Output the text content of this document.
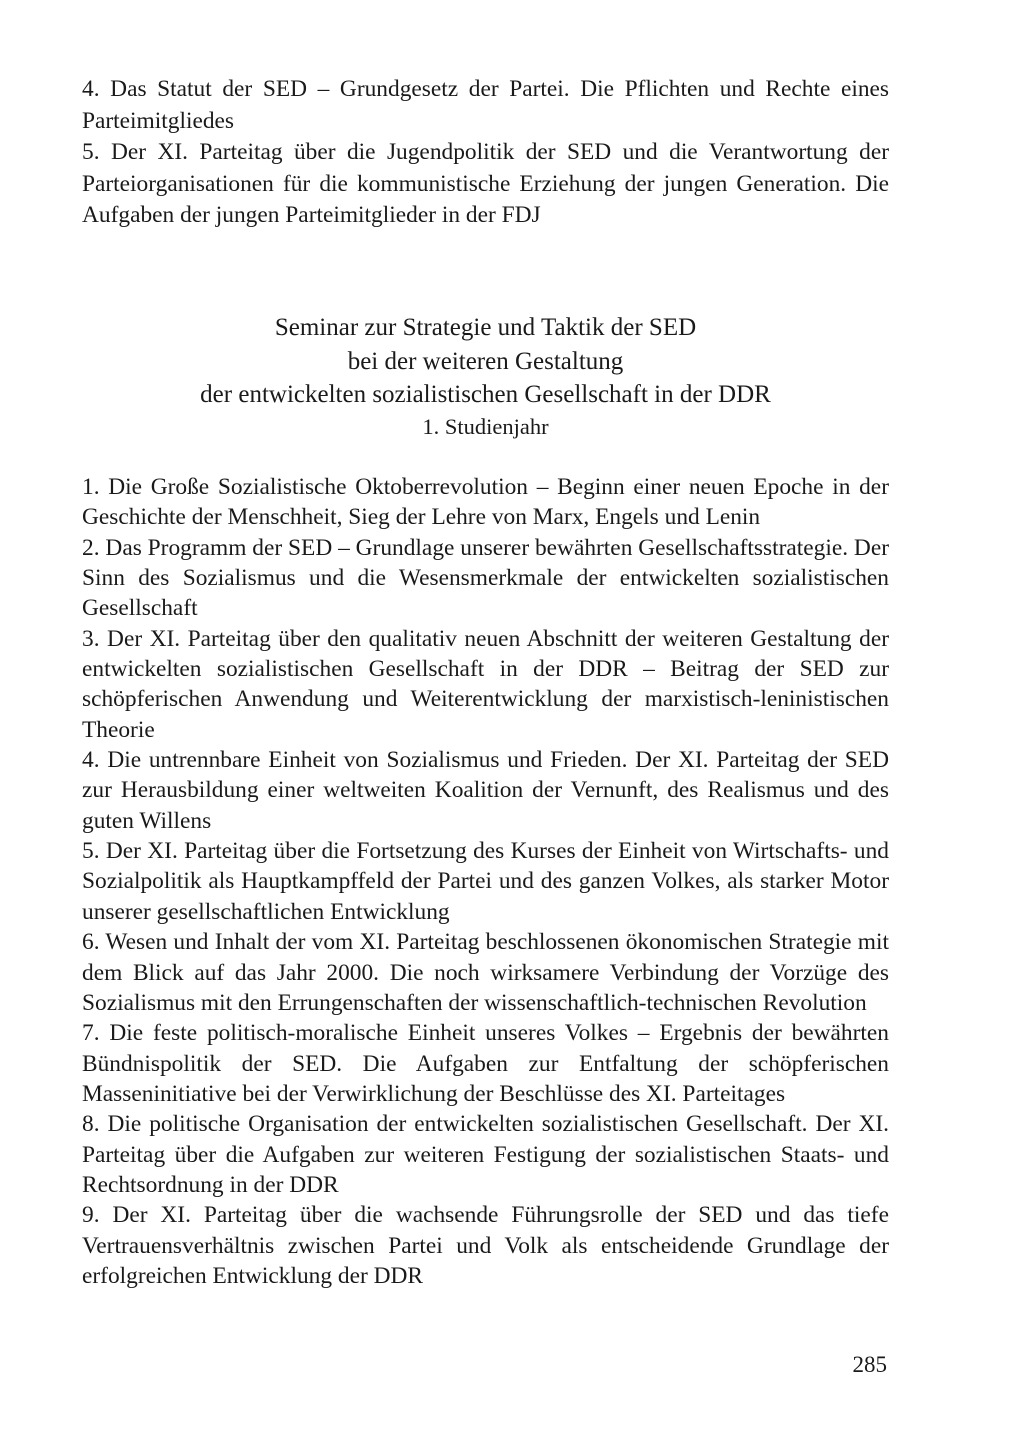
4. Das Statut der SED – Grundgesetz der Partei. Die Pflichten und Rechte eines Parteimitgliedes

5. Der XI. Parteitag über die Jugendpolitik der SED und die Verantwortung der Parteiorganisationen für die kommunistische Erziehung der jungen Generation. Die Aufgaben der jungen Parteimitglieder in der FDJ

Seminar zur Strategie und Taktik der SED
bei der weiteren Gestaltung
der entwickelten sozialistischen Gesellschaft in der DDR
1. Studienjahr

1. Die Große Sozialistische Oktoberrevolution – Beginn einer neuen Epoche in der Geschichte der Menschheit, Sieg der Lehre von Marx, Engels und Lenin

2. Das Programm der SED – Grundlage unserer bewährten Gesellschaftsstrategie. Der Sinn des Sozialismus und die Wesensmerkmale der entwickelten sozialistischen Gesellschaft

3. Der XI. Parteitag über den qualitativ neuen Abschnitt der weiteren Gestaltung der entwickelten sozialistischen Gesellschaft in der DDR – Beitrag der SED zur schöpferischen Anwendung und Weiterentwicklung der marxistisch-leninistischen Theorie

4. Die untrennbare Einheit von Sozialismus und Frieden. Der XI. Parteitag der SED zur Herausbildung einer weltweiten Koalition der Vernunft, des Realismus und des guten Willens

5. Der XI. Parteitag über die Fortsetzung des Kurses der Einheit von Wirtschafts- und Sozialpolitik als Hauptkampffeld der Partei und des ganzen Volkes, als starker Motor unserer gesellschaftlichen Entwicklung

6. Wesen und Inhalt der vom XI. Parteitag beschlossenen ökonomischen Strategie mit dem Blick auf das Jahr 2000. Die noch wirksamere Verbindung der Vorzüge des Sozialismus mit den Errungenschaften der wissenschaftlich-technischen Revolution

7. Die feste politisch-moralische Einheit unseres Volkes – Ergebnis der bewährten Bündnispolitik der SED. Die Aufgaben zur Entfaltung der schöpferischen Masseninitiative bei der Verwirklichung der Beschlüsse des XI. Parteitages

8. Die politische Organisation der entwickelten sozialistischen Gesellschaft. Der XI. Parteitag über die Aufgaben zur weiteren Festigung der sozialistischen Staats- und Rechtsordnung in der DDR

9. Der XI. Parteitag über die wachsende Führungsrolle der SED und das tiefe Vertrauensverhältnis zwischen Partei und Volk als entscheidende Grundlage der erfolgreichen Entwicklung der DDR

285
